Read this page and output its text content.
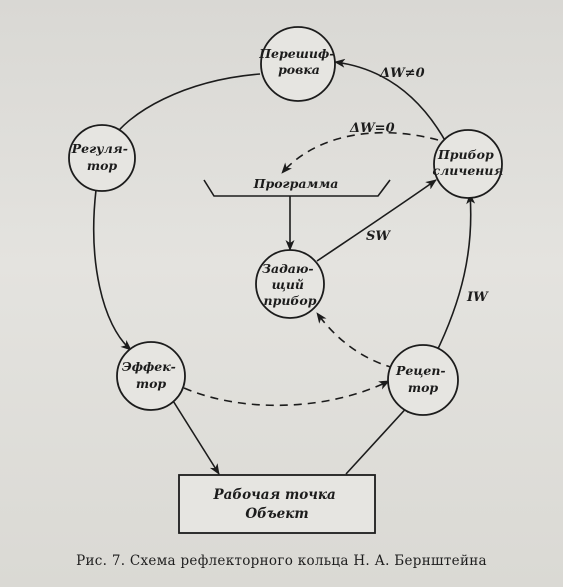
Перешиф- ровка
Регуля- тор
Прибор сличения
Программа
Задаю- щий прибор
Эффек- тор
Рецеп- тор
Рабочая точка Объект
ΔW≠0
ΔW=0
SW
IW
Рис. 7. Схема рефлекторного кольца Н. А. Бернштейна
